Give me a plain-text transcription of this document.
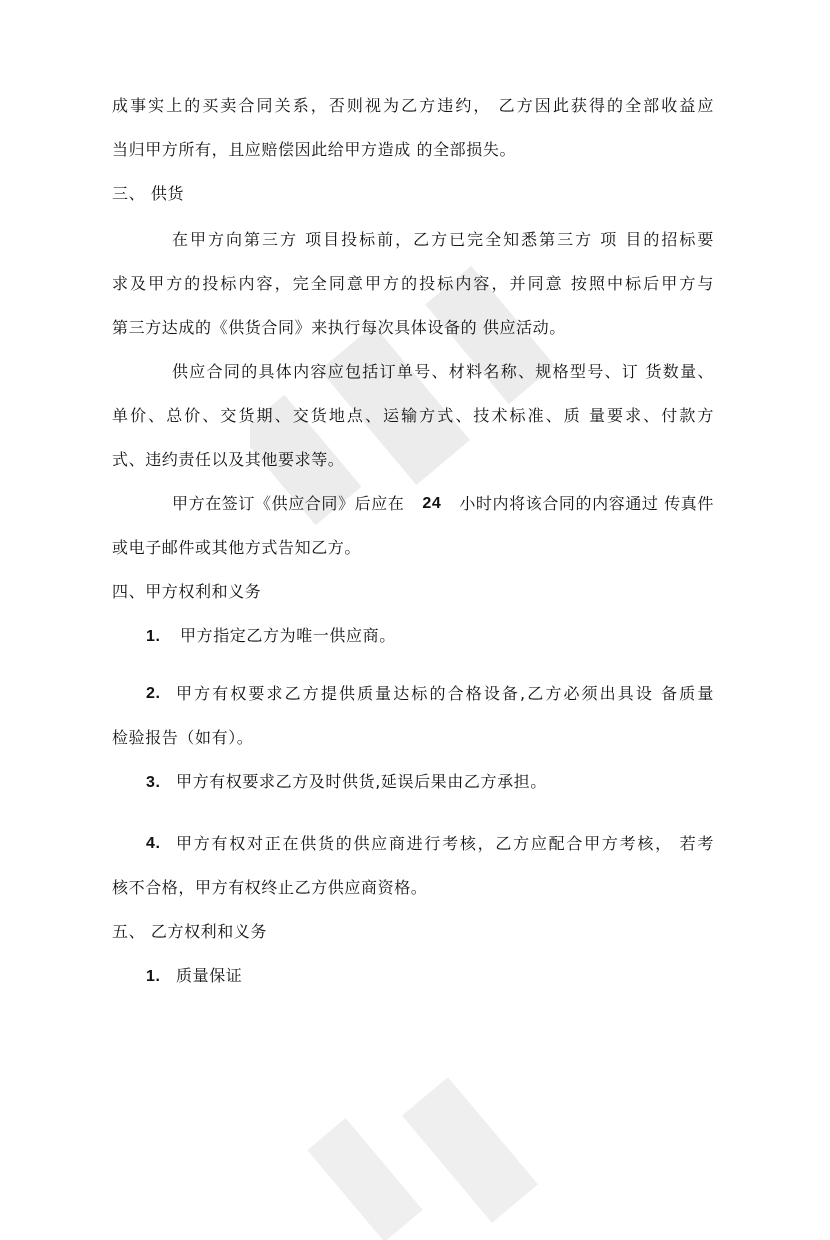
成事实上的买卖合同关系，否则视为乙方违约， 乙方因此获得的全部收益应
当归甲方所有，且应赔偿因此给甲方造成 的全部损失。
三、 供货
在甲方向第三方 项目投标前，乙方已完全知悉第三方 项 目的招标要
求及甲方的投标内容，完全同意甲方的投标内容，并同意 按照中标后甲方与
第三方达成的《供货合同》来执行每次具体设备的 供应活动。
供应合同的具体内容应包括订单号、材料名称、规格型号、订 货数量、
单价、总价、交货期、交货地点、运输方式、技术标准、质 量要求、付款方
式、违约责任以及其他要求等。
甲方在签订《供应合同》后应在 24 小时内将该合同的内容通过 传真件
或电子邮件或其他方式告知乙方。
四、甲方权利和义务
1. 甲方指定乙方为唯一供应商。
2. 甲方有权要求乙方提供质量达标的合格设备,乙方必须出具设 备质量
检验报告（如有）。
3. 甲方有权要求乙方及时供货,延误后果由乙方承担。
4. 甲方有权对正在供货的供应商进行考核，乙方应配合甲方考核， 若考
核不合格，甲方有权终止乙方供应商资格。
五、 乙方权利和义务
1. 质量保证
